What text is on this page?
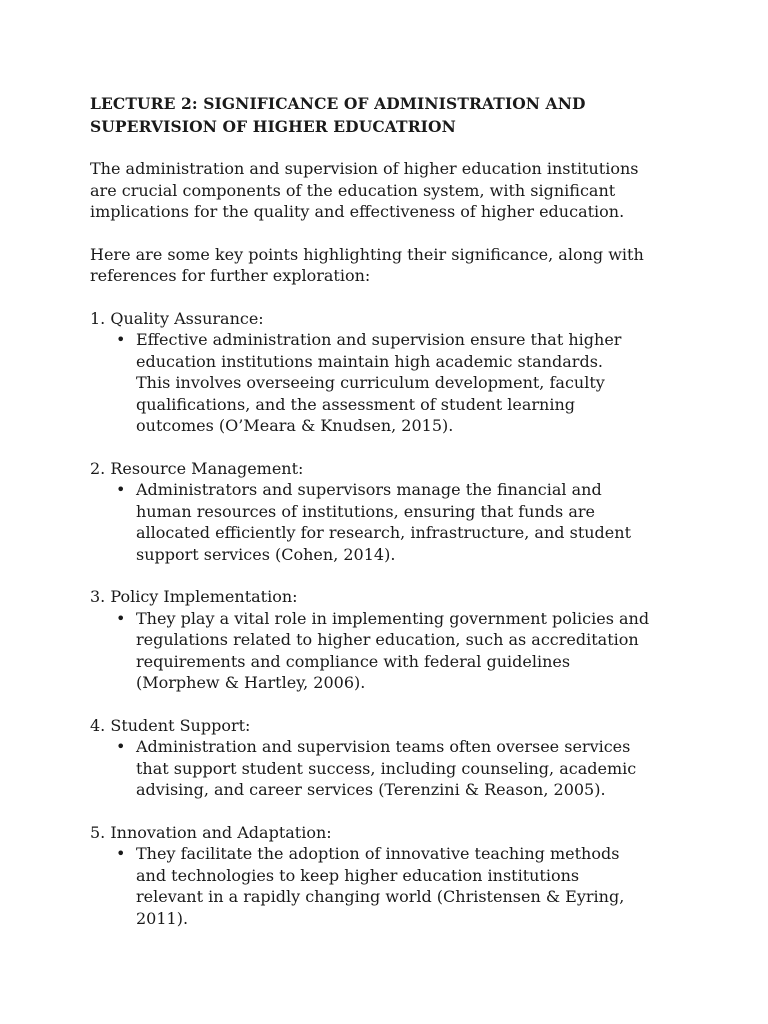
LECTURE 2: SIGNIFICANCE OF ADMINISTRATION AND
SUPERVISION OF HIGHER EDUCATRION
The administration and supervision of higher education institutions
are crucial components of the education system, with significant
implications for the quality and effectiveness of higher education.
Here are some key points highlighting their significance, along with
references for further exploration:
1. Quality Assurance:
• Effective administration and supervision ensure that higher
education institutions maintain high academic standards.
This involves overseeing curriculum development, faculty
qualifications, and the assessment of student learning
outcomes (O’Meara & Knudsen, 2015).
2. Resource Management:
• Administrators and supervisors manage the financial and
human resources of institutions, ensuring that funds are
allocated efficiently for research, infrastructure, and student
support services (Cohen, 2014).
3. Policy Implementation:
• They play a vital role in implementing government policies and
regulations related to higher education, such as accreditation
requirements and compliance with federal guidelines
(Morphew & Hartley, 2006).
4. Student Support:
• Administration and supervision teams often oversee services
that support student success, including counseling, academic
advising, and career services (Terenzini & Reason, 2005).
5. Innovation and Adaptation:
• They facilitate the adoption of innovative teaching methods
and technologies to keep higher education institutions
relevant in a rapidly changing world (Christensen & Eyring,
2011).
